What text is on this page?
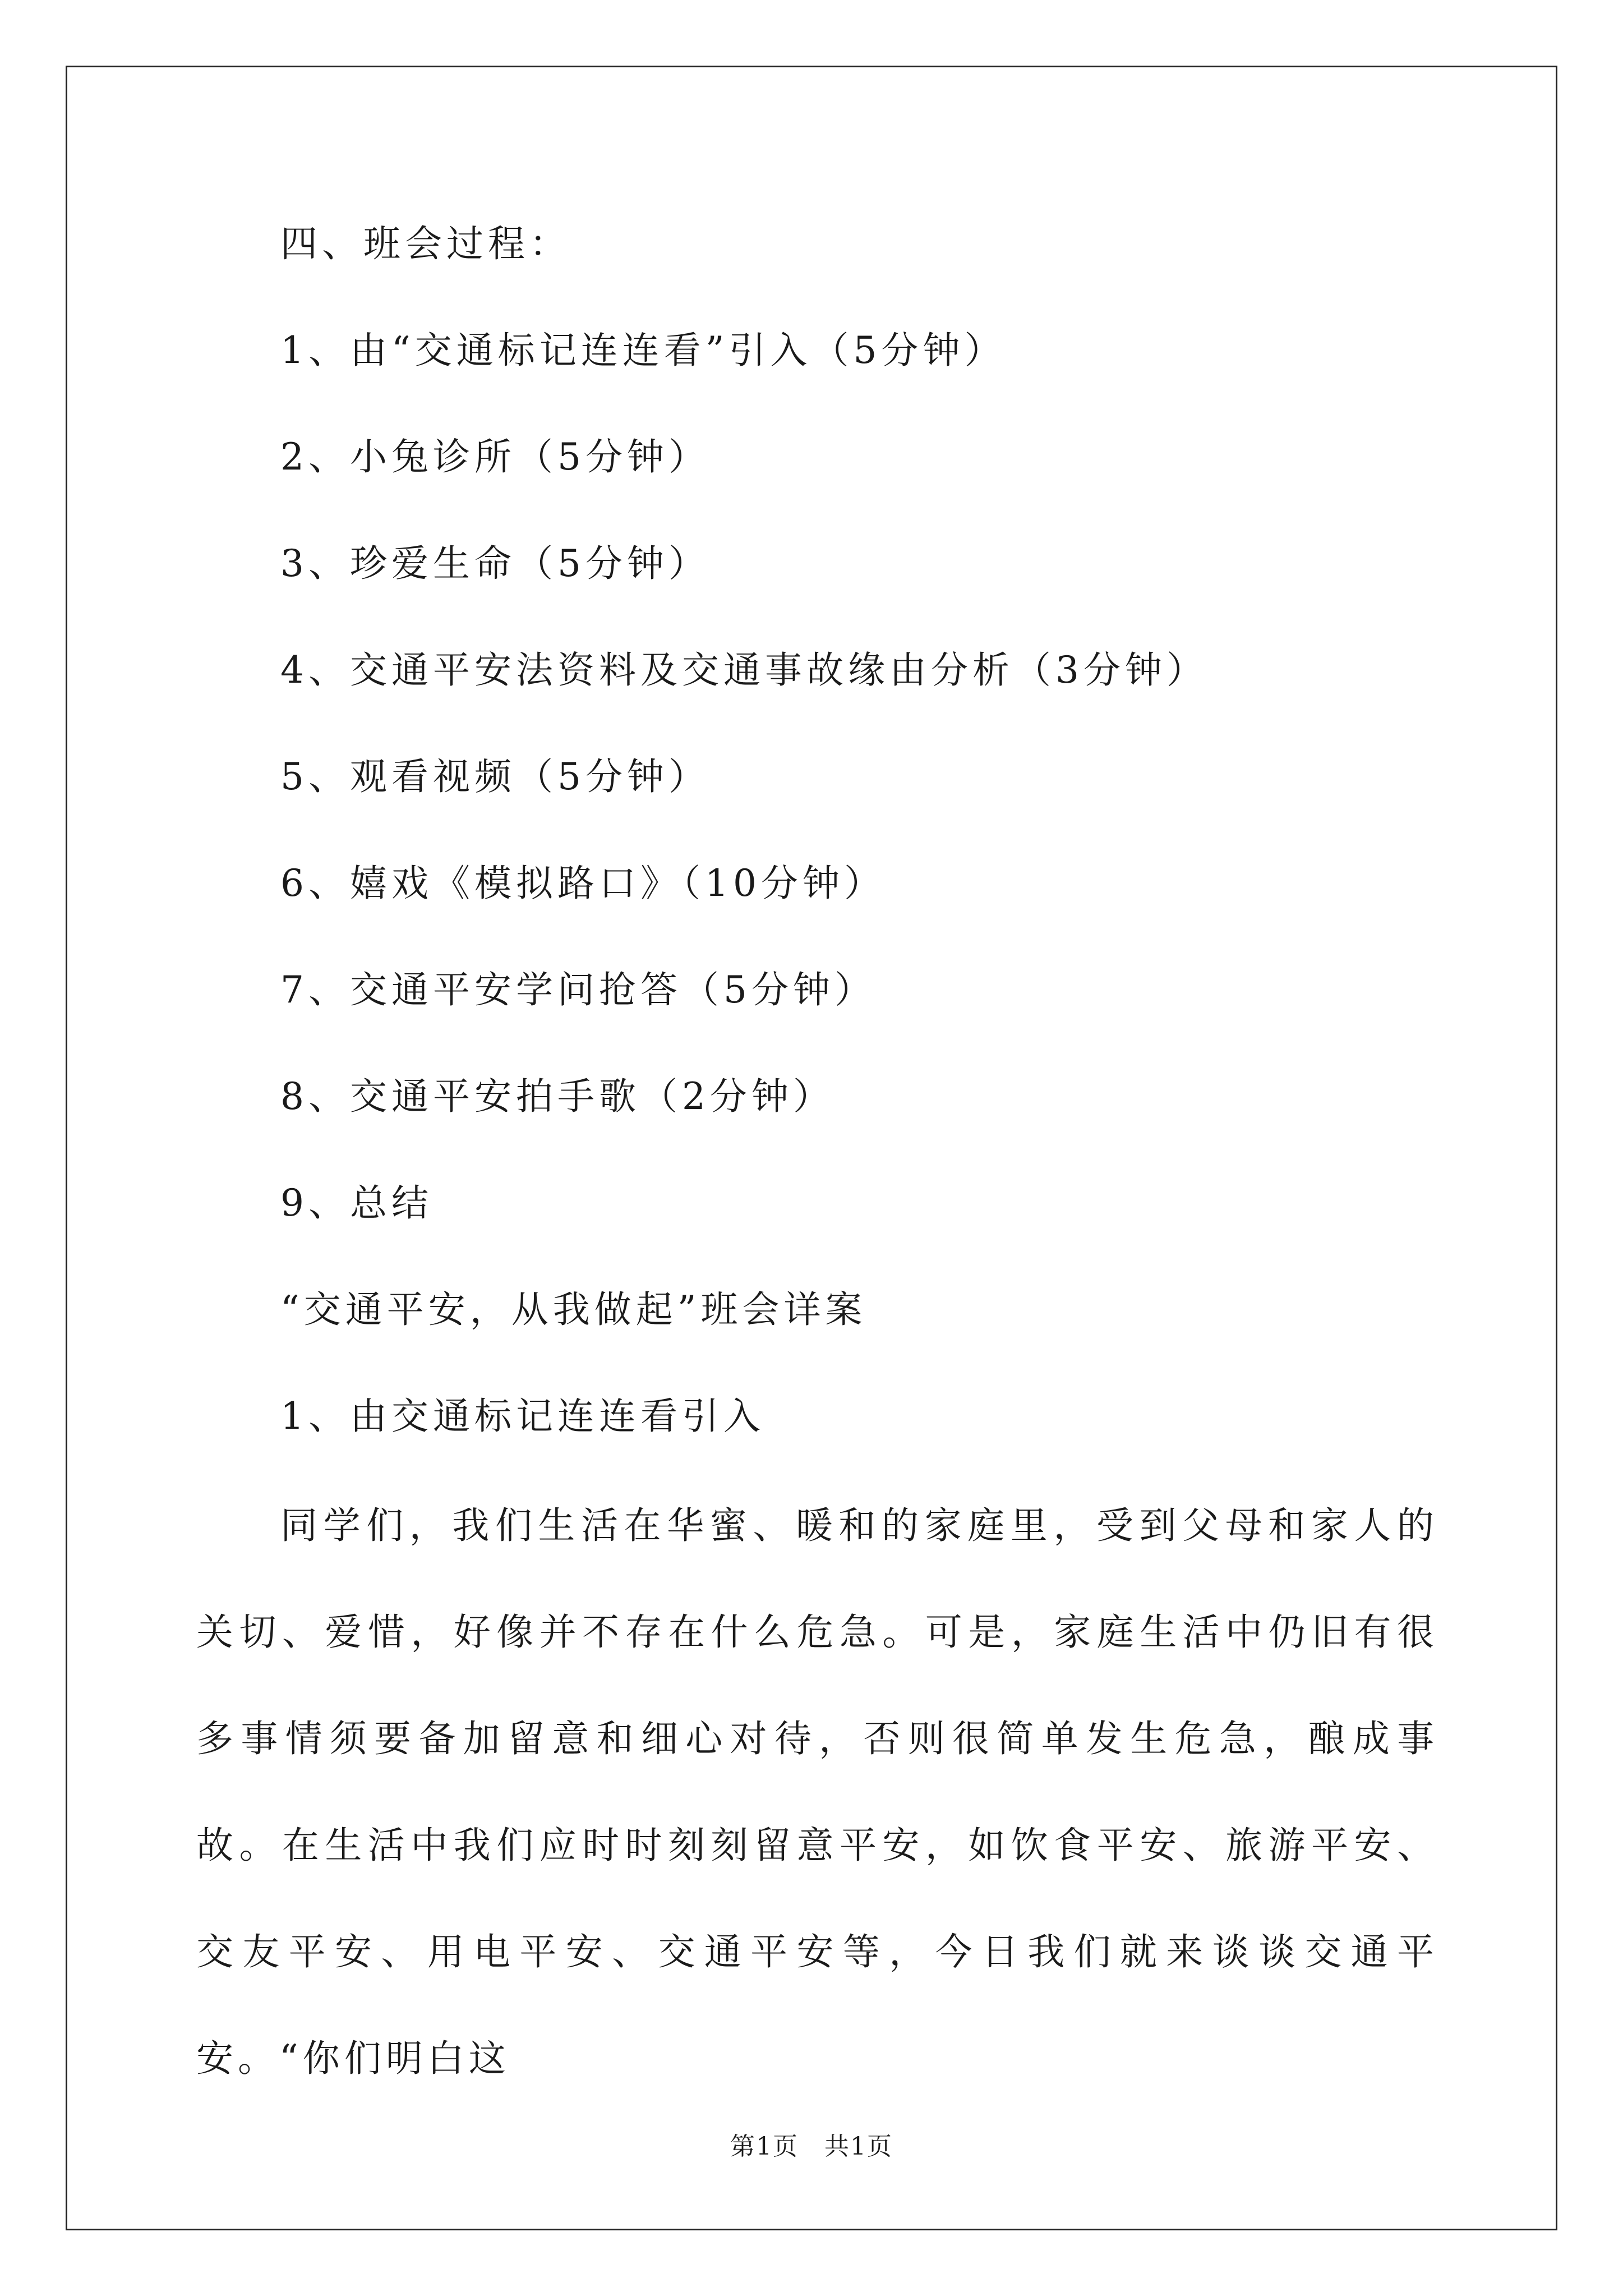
四、班会过程：
1、由“交通标记连连看”引入（5分钟）
2、小兔诊所（5分钟）
3、珍爱生命（5分钟）
4、交通平安法资料及交通事故缘由分析（3分钟）
5、观看视频（5分钟）
6、嬉戏《模拟路口》（10分钟）
7、交通平安学问抢答（5分钟）
8、交通平安拍手歌（2分钟）
9、总结
“交通平安，从我做起”班会详案
1、由交通标记连连看引入
同学们，我们生活在华蜜、暖和的家庭里，受到父母和家人的关切、爱惜，好像并不存在什么危急。可是，家庭生活中仍旧有很多事情须要备加留意和细心对待，否则很简单发生危急，酿成事故。在生活中我们应时时刻刻留意平安，如饮食平安、旅游平安、交友平安、用电平安、交通平安等，今日我们就来谈谈交通平安。“你们明白这
第1页　共1页
